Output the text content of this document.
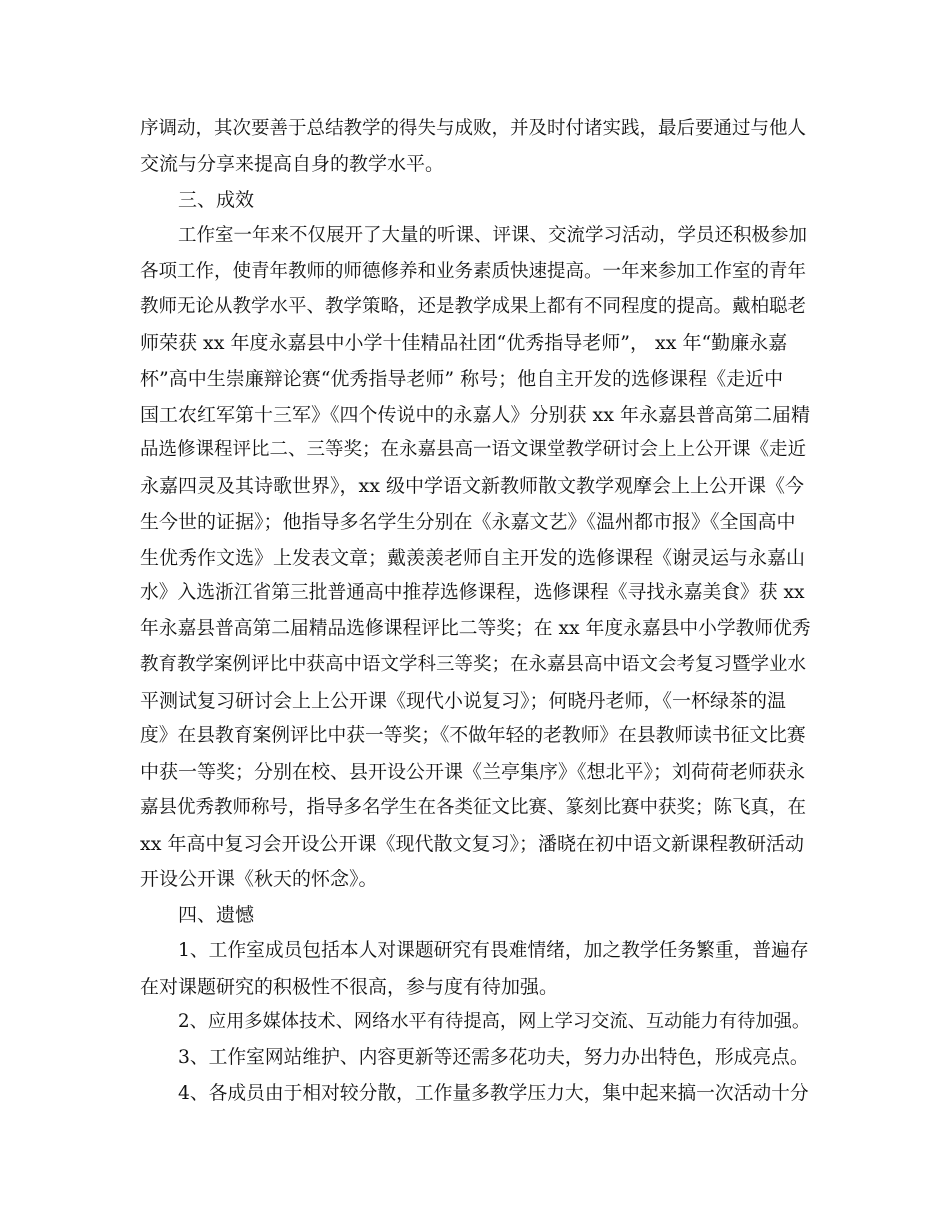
序调动，其次要善于总结教学的得失与成败，并及时付诸实践，最后要通过与他人
交流与分享来提高自身的教学水平。
三、成效
工作室一年来不仅展开了大量的听课、评课、交流学习活动，学员还积极参加
各项工作，使青年教师的师德修养和业务素质快速提高。一年来参加工作室的青年
教师无论从教学水平、教学策略，还是教学成果上都有不同程度的提高。戴柏聪老
师荣获 xx 年度永嘉县中小学十佳精品社团“优秀指导老师”， xx 年“勤廉永嘉
杯”高中生崇廉辩论赛“优秀指导老师” 称号；他自主开发的选修课程《走近中
国工农红军第十三军》《四个传说中的永嘉人》分别获 xx 年永嘉县普高第二届精
品选修课程评比二、三等奖；在永嘉县高一语文课堂教学研讨会上上公开课《走近
永嘉四灵及其诗歌世界》，xx 级中学语文新教师散文教学观摩会上上公开课《今
生今世的证据》；他指导多名学生分别在《永嘉文艺》《温州都市报》《全国高中
生优秀作文选》上发表文章；戴羡羡老师自主开发的选修课程《谢灵运与永嘉山
水》入选浙江省第三批普通高中推荐选修课程，选修课程《寻找永嘉美食》获 xx
年永嘉县普高第二届精品选修课程评比二等奖；在 xx 年度永嘉县中小学教师优秀
教育教学案例评比中获高中语文学科三等奖；在永嘉县高中语文会考复习暨学业水
平测试复习研讨会上上公开课《现代小说复习》；何晓丹老师，《一杯绿茶的温
度》在县教育案例评比中获一等奖；《不做年轻的老教师》在县教师读书征文比赛
中获一等奖；分别在校、县开设公开课《兰亭集序》《想北平》；刘荷荷老师获永
嘉县优秀教师称号，指导多名学生在各类征文比赛、篆刻比赛中获奖；陈飞真，在
xx 年高中复习会开设公开课《现代散文复习》；潘晓在初中语文新课程教研活动
开设公开课《秋天的怀念》。
四、遗憾
1、工作室成员包括本人对课题研究有畏难情绪，加之教学任务繁重，普遍存
在对课题研究的积极性不很高，参与度有待加强。
2、应用多媒体技术、网络水平有待提高，网上学习交流、互动能力有待加强。
3、工作室网站维护、内容更新等还需多花功夫，努力办出特色，形成亮点。
4、各成员由于相对较分散，工作量多教学压力大，集中起来搞一次活动十分
